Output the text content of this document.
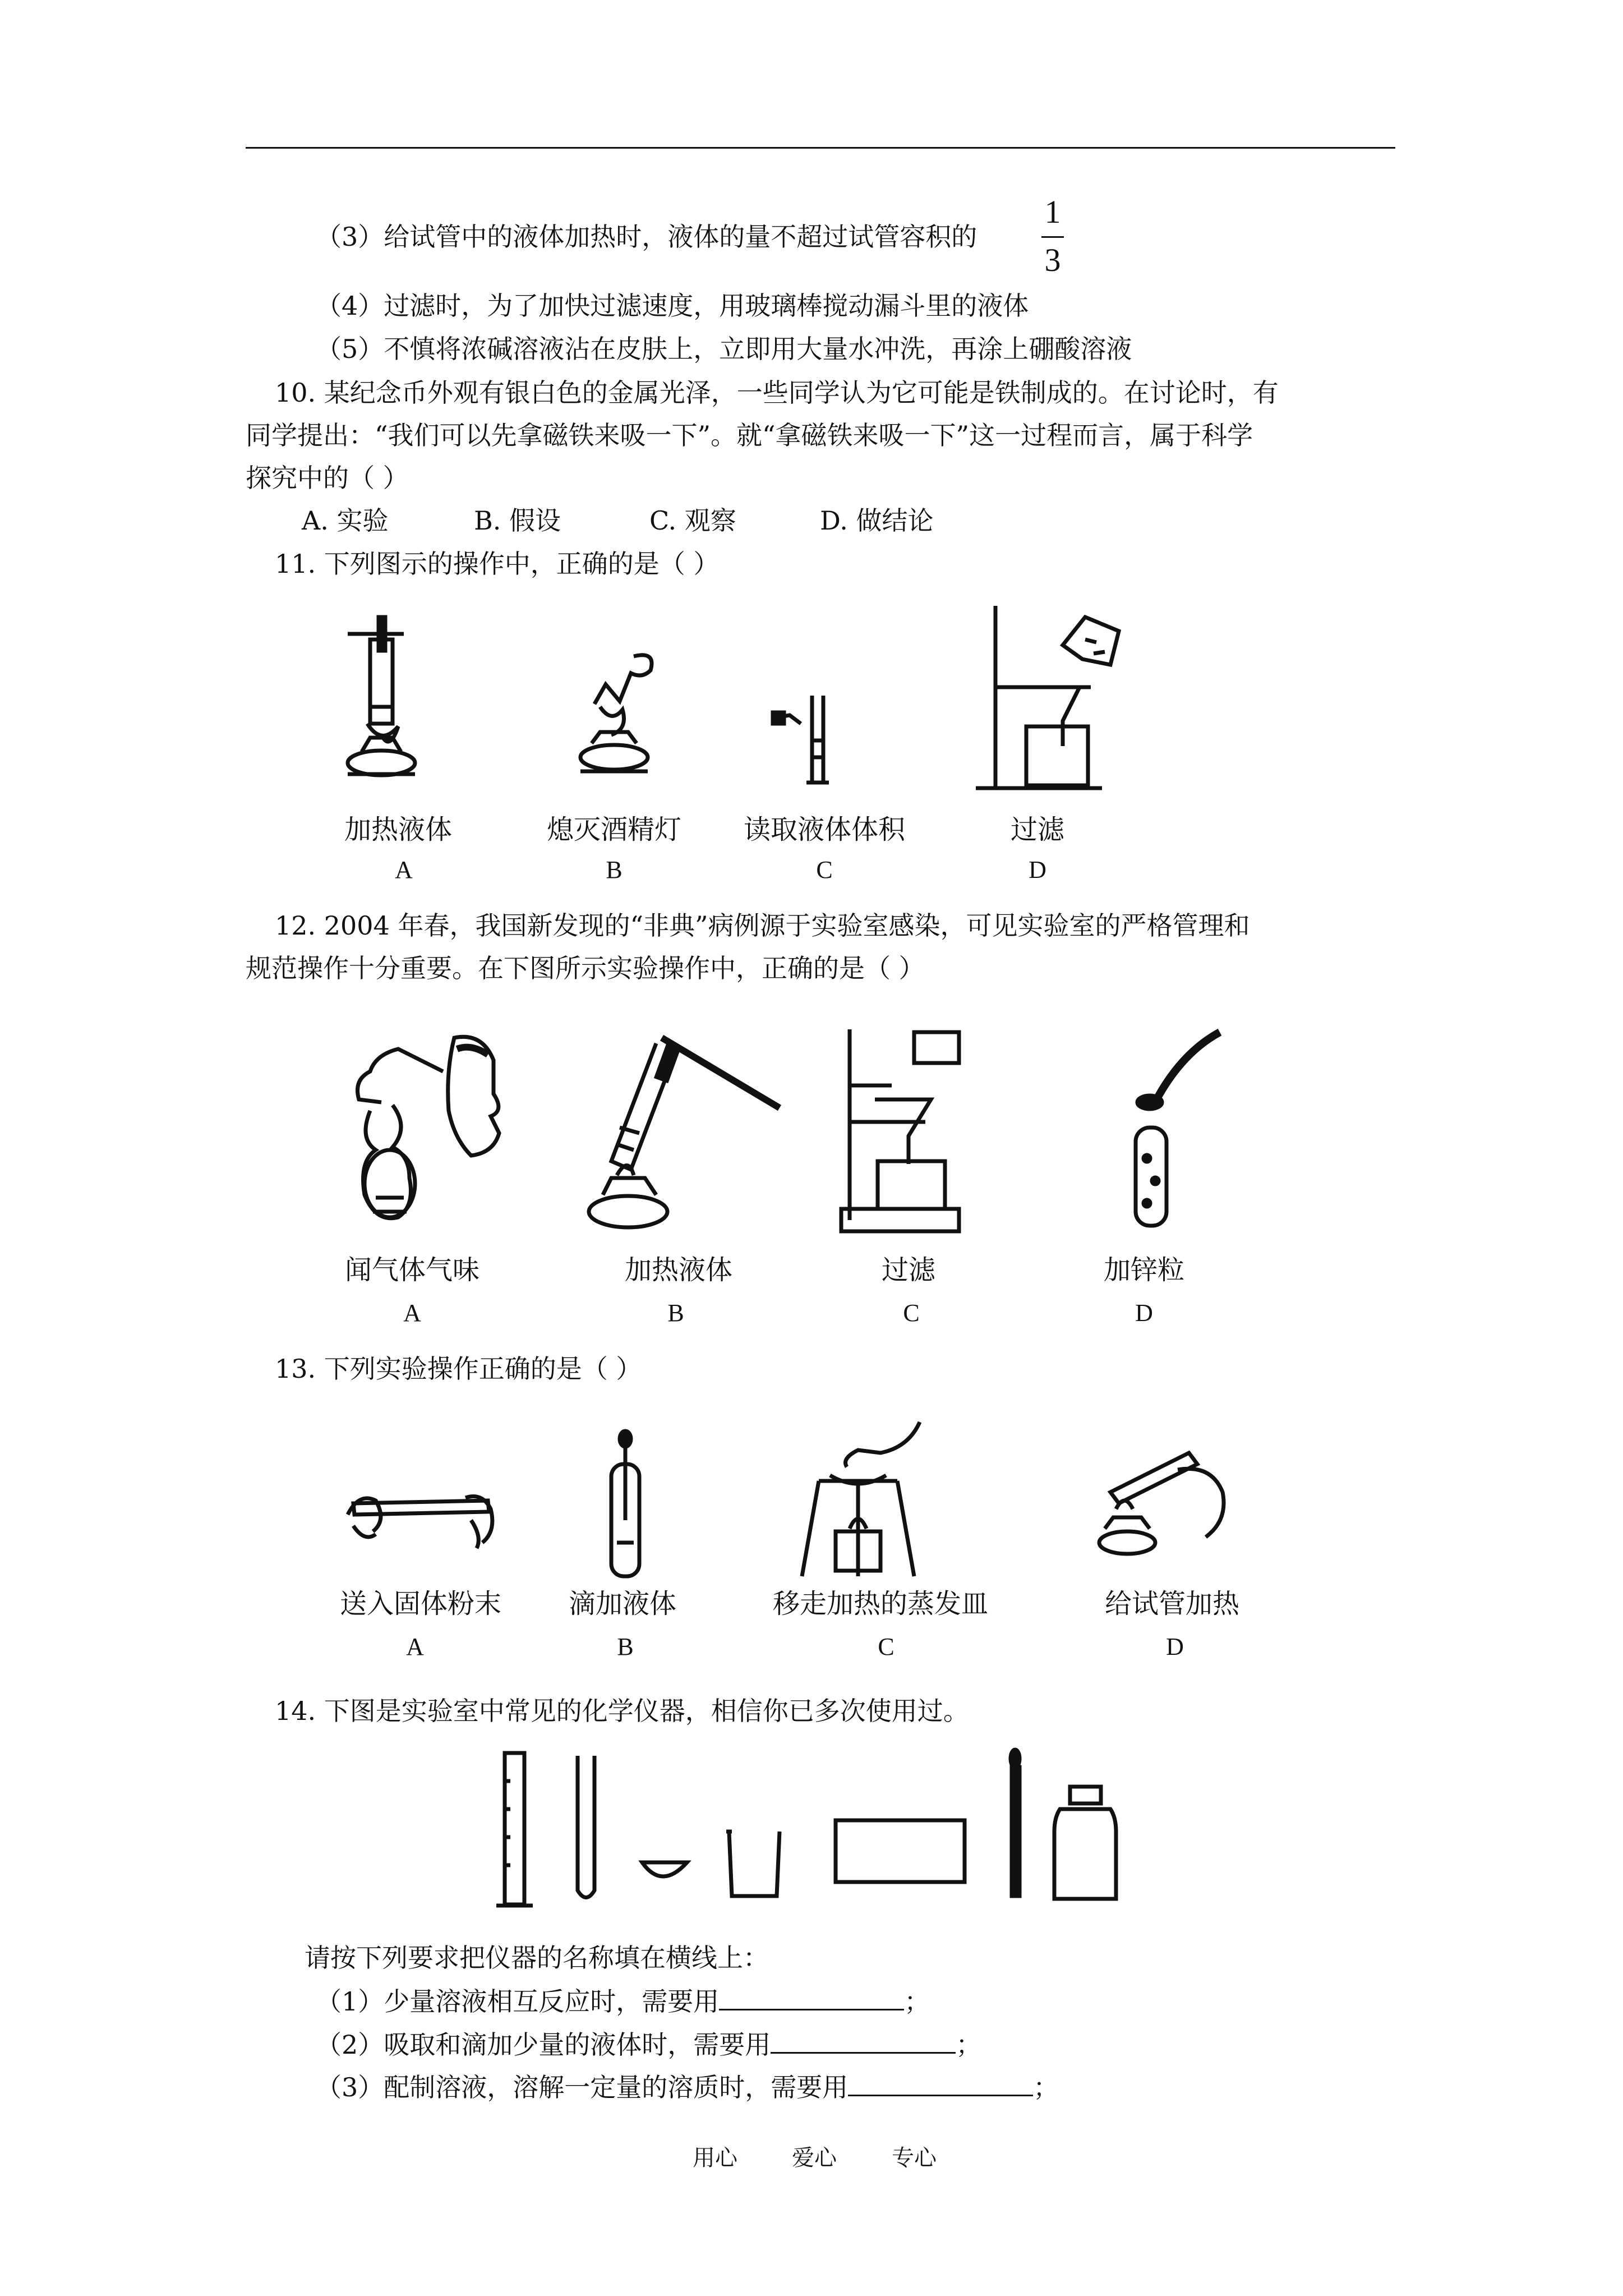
（3）给试管中的液体加热时，液体的量不超过试管容积的
1
3
（4）过滤时，为了加快过滤速度，用玻璃棒搅动漏斗里的液体
（5）不慎将浓碱溶液沾在皮肤上，立即用大量水冲洗，再涂上硼酸溶液
10. 某纪念币外观有银白色的金属光泽，一些同学认为它可能是铁制成的。在讨论时，有
同学提出：“我们可以先拿磁铁来吸一下”。就“拿磁铁来吸一下”这一过程而言，属于科学
探究中的（ ）
A. 实验	B. 假设	C. 观察	D. 做结论
11. 下列图示的操作中，正确的是（ ）
加热液体	熄灭酒精灯	读取液体体积	过滤
A	B	C	D
12. 2004 年春，我国新发现的“非典”病例源于实验室感染，可见实验室的严格管理和
规范操作十分重要。在下图所示实验操作中，正确的是（ ）
闻气体气味	加热液体	过滤	加锌粒
A	B	C	D
13. 下列实验操作正确的是（ ）
送入固体粉末	滴加液体	移走加热的蒸发皿	给试管加热
A	B	C	D
14. 下图是实验室中常见的化学仪器，相信你已多次使用过。
请按下列要求把仪器的名称填在横线上：
（1）少量溶液相互反应时，需要用	；
（2）吸取和滴加少量的液体时，需要用	；
（3）配制溶液，溶解一定量的溶质时，需要用	；
用心 爱心 专心
